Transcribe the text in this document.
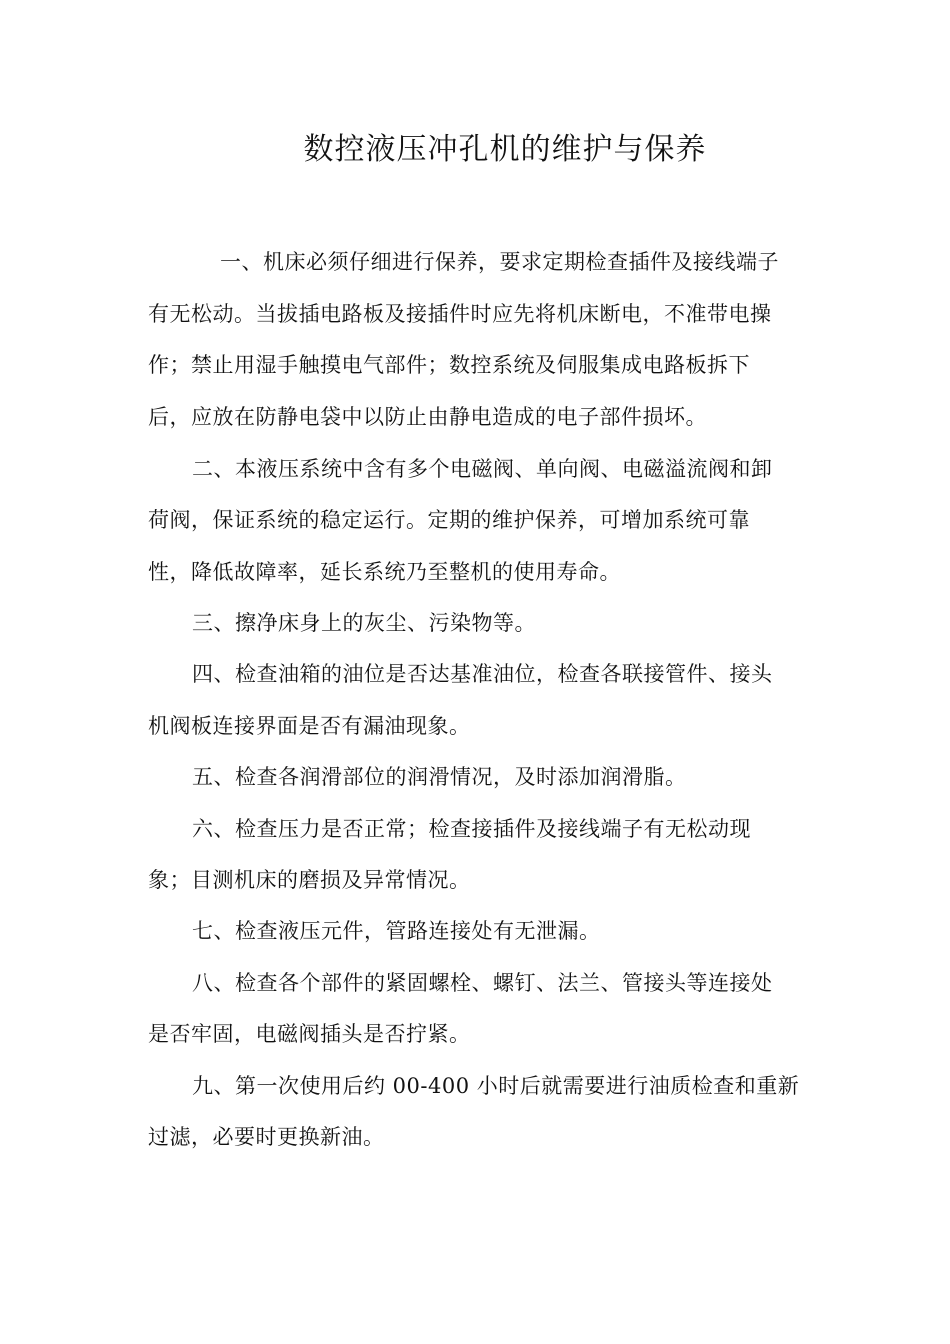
数控液压冲孔机的维护与保养
一、机床必须仔细进行保养，要求定期检查插件及接线端子
有无松动。当拔插电路板及接插件时应先将机床断电，不准带电操
作；禁止用湿手触摸电气部件；数控系统及伺服集成电路板拆下
后，应放在防静电袋中以防止由静电造成的电子部件损坏。
二、本液压系统中含有多个电磁阀、单向阀、电磁溢流阀和卸
荷阀，保证系统的稳定运行。定期的维护保养，可增加系统可靠
性，降低故障率，延长系统乃至整机的使用寿命。
三、擦净床身上的灰尘、污染物等。
四、检查油箱的油位是否达基准油位，检查各联接管件、接头
机阀板连接界面是否有漏油现象。
五、检查各润滑部位的润滑情况，及时添加润滑脂。
六、检查压力是否正常；检查接插件及接线端子有无松动现
象；目测机床的磨损及异常情况。
七、检查液压元件，管路连接处有无泄漏。
八、检查各个部件的紧固螺栓、螺钉、法兰、管接头等连接处
是否牢固，电磁阀插头是否拧紧。
九、第一次使用后约 00-400 小时后就需要进行油质检查和重新
过滤，必要时更换新油。
